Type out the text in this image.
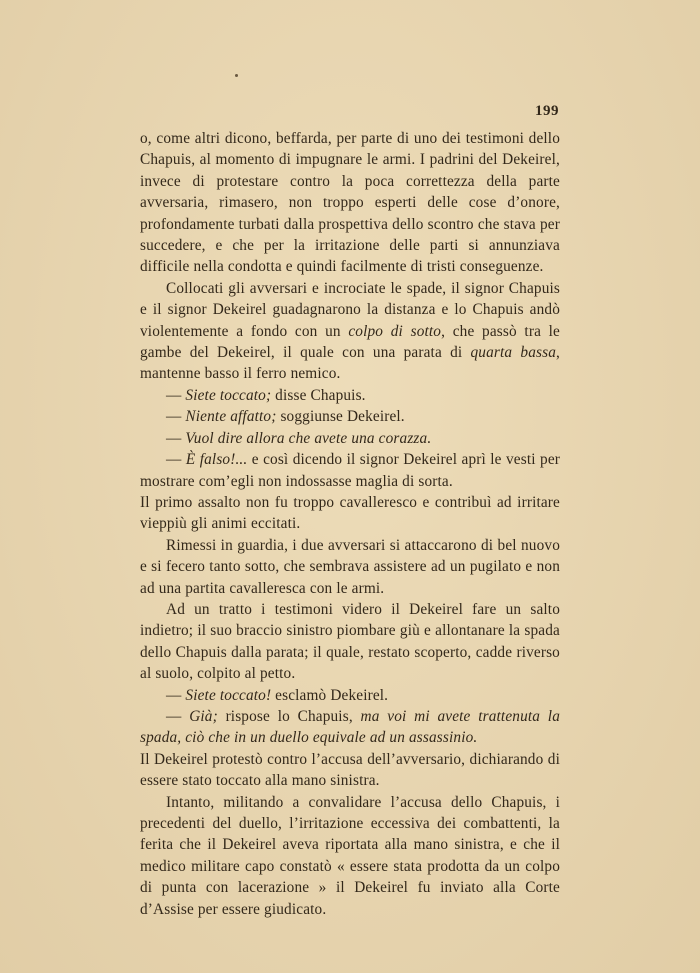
199

o, come altri dicono, beffarda, per parte di uno dei testimoni dello Chapuis, al momento di impugnare le armi. I padrini del Dekeirel, invece di protestare contro la poca correttezza della parte avversaria, rimasero, non troppo esperti delle cose d’onore, profondamente turbati dalla prospettiva dello scontro che stava per succedere, e che per la irritazione delle parti si annunziava difficile nella condotta e quindi facilmente di tristi conseguenze.

Collocati gli avversari e incrociate le spade, il signor Chapuis e il signor Dekeirel guadagnarono la distanza e lo Chapuis andò violentemente a fondo con un colpo di sotto, che passò tra le gambe del Dekeirel, il quale con una parata di quarta bassa, mantenne basso il ferro nemico.

— Siete toccato; disse Chapuis.

— Niente affatto; soggiunse Dekeirel.

— Vuol dire allora che avete una corazza.

— È falso!... e così dicendo il signor Dekeirel aprì le vesti per mostrare com’egli non indossasse maglia di sorta.

Il primo assalto non fu troppo cavalleresco e contribuì ad irritare vieppiù gli animi eccitati.

Rimessi in guardia, i due avversari si attaccarono di bel nuovo e si fecero tanto sotto, che sembrava assistere ad un pugilato e non ad una partita cavalleresca con le armi.

Ad un tratto i testimoni videro il Dekeirel fare un salto indietro; il suo braccio sinistro piombare giù e allontanare la spada dello Chapuis dalla parata; il quale, restato scoperto, cadde riverso al suolo, colpito al petto.

— Siete toccato! esclamò Dekeirel.

— Già; rispose lo Chapuis, ma voi mi avete trattenuta la spada, ciò che in un duello equivale ad un assassinio.

Il Dekeirel protestò contro l’accusa dell’avversario, dichiarando di essere stato toccato alla mano sinistra.

Intanto, militando a convalidare l’accusa dello Chapuis, i precedenti del duello, l’irritazione eccessiva dei combattenti, la ferita che il Dekeirel aveva riportata alla mano sinistra, e che il medico militare capo constatò « essere stata prodotta da un colpo di punta con lacerazione » il Dekeirel fu inviato alla Corte d’Assise per essere giudicato.
